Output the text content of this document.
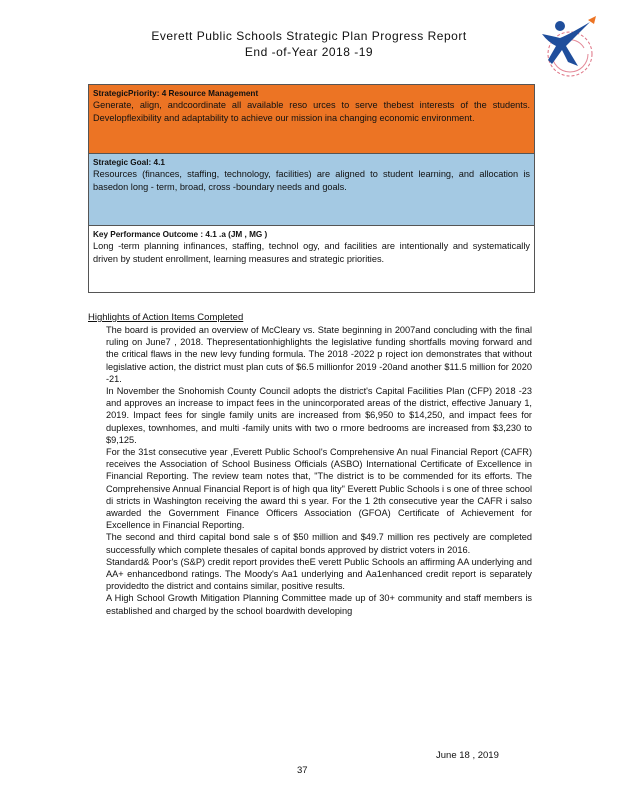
Everett Public Schools Strategic Plan Progress Report
End -of-Year 2018 -19
StrategicPriority: 4 Resource Management
Generate, align, andcoordinate all available reso urces to serve thebest interests of the students. Developflexibility and adaptability to achieve our mission ina changing economic environment.
Strategic Goal: 4.1
Resources (finances, staffing, technology, facilities) are aligned to student learning, and allocation is basedon long - term, broad, cross -boundary needs and goals.
Key Performance Outcome : 4.1 .a (JM , MG )
Long -term planning infinances, staffing, technol ogy, and facilities are intentionally and systematically driven by student enrollment, learning measures and strategic priorities.
Highlights of Action Items Completed
The board is provided an overview of McCleary vs. State beginning in 2007and concluding with the final ruling on June7 , 2018. Thepresentationhighlights the legislative funding shortfalls moving forward and the critical flaws in the new levy funding formula. The 2018 -2022 p roject ion demonstrates that without legislative action, the district must plan cuts of $6.5 millionfor 2019 -20and another $11.5 million for 2020 -21.
In November the Snohomish County Council adopts the district's Capital Facilities Plan (CFP) 2018 -23 and approves an increase to impact fees in the unincorporated areas of the district, effective January 1, 2019. Impact fees for single family units are increased from $6,950 to $14,250, and impact fees for duplexes, townhomes, and multi -family units with two o rmore bedrooms are increased from $3,230 to $9,125.
For the 31st consecutive year ,Everett Public School's Comprehensive An nual Financial Report (CAFR) receives the Association of School Business Officials (ASBO) International Certificate of Excellence in Financial Reporting. The review team notes that, "The district is to be commended for its efforts. The Comprehensive Annual Financial Report is of high qua lity" Everett Public Schools i s one of three school di stricts in Washington receiving the award thi s year. For the 1 2th consecutive year the CAFR i salso awarded the Government Finance Officers Association (GFOA) Certificate of Achievement for Excellence in Financial Reporting.
The second and third capital bond sale s of $50 million and $49.7 million res pectively are completed successfully which complete thesales of capital bonds approved by district voters in 2016.
Standard& Poor's (S&P) credit report provides theE verett Public Schools an affirming AA underlying and AA+ enhancedbond ratings. The Moody's Aa1 underlying and Aa1enhanced credit report is separately providedto the district and contains similar, positive results.
A High School Growth Mitigation Planning Committee made up of 30+ community and staff members is established and charged by the school boardwith developing
June 18 , 2019
37
